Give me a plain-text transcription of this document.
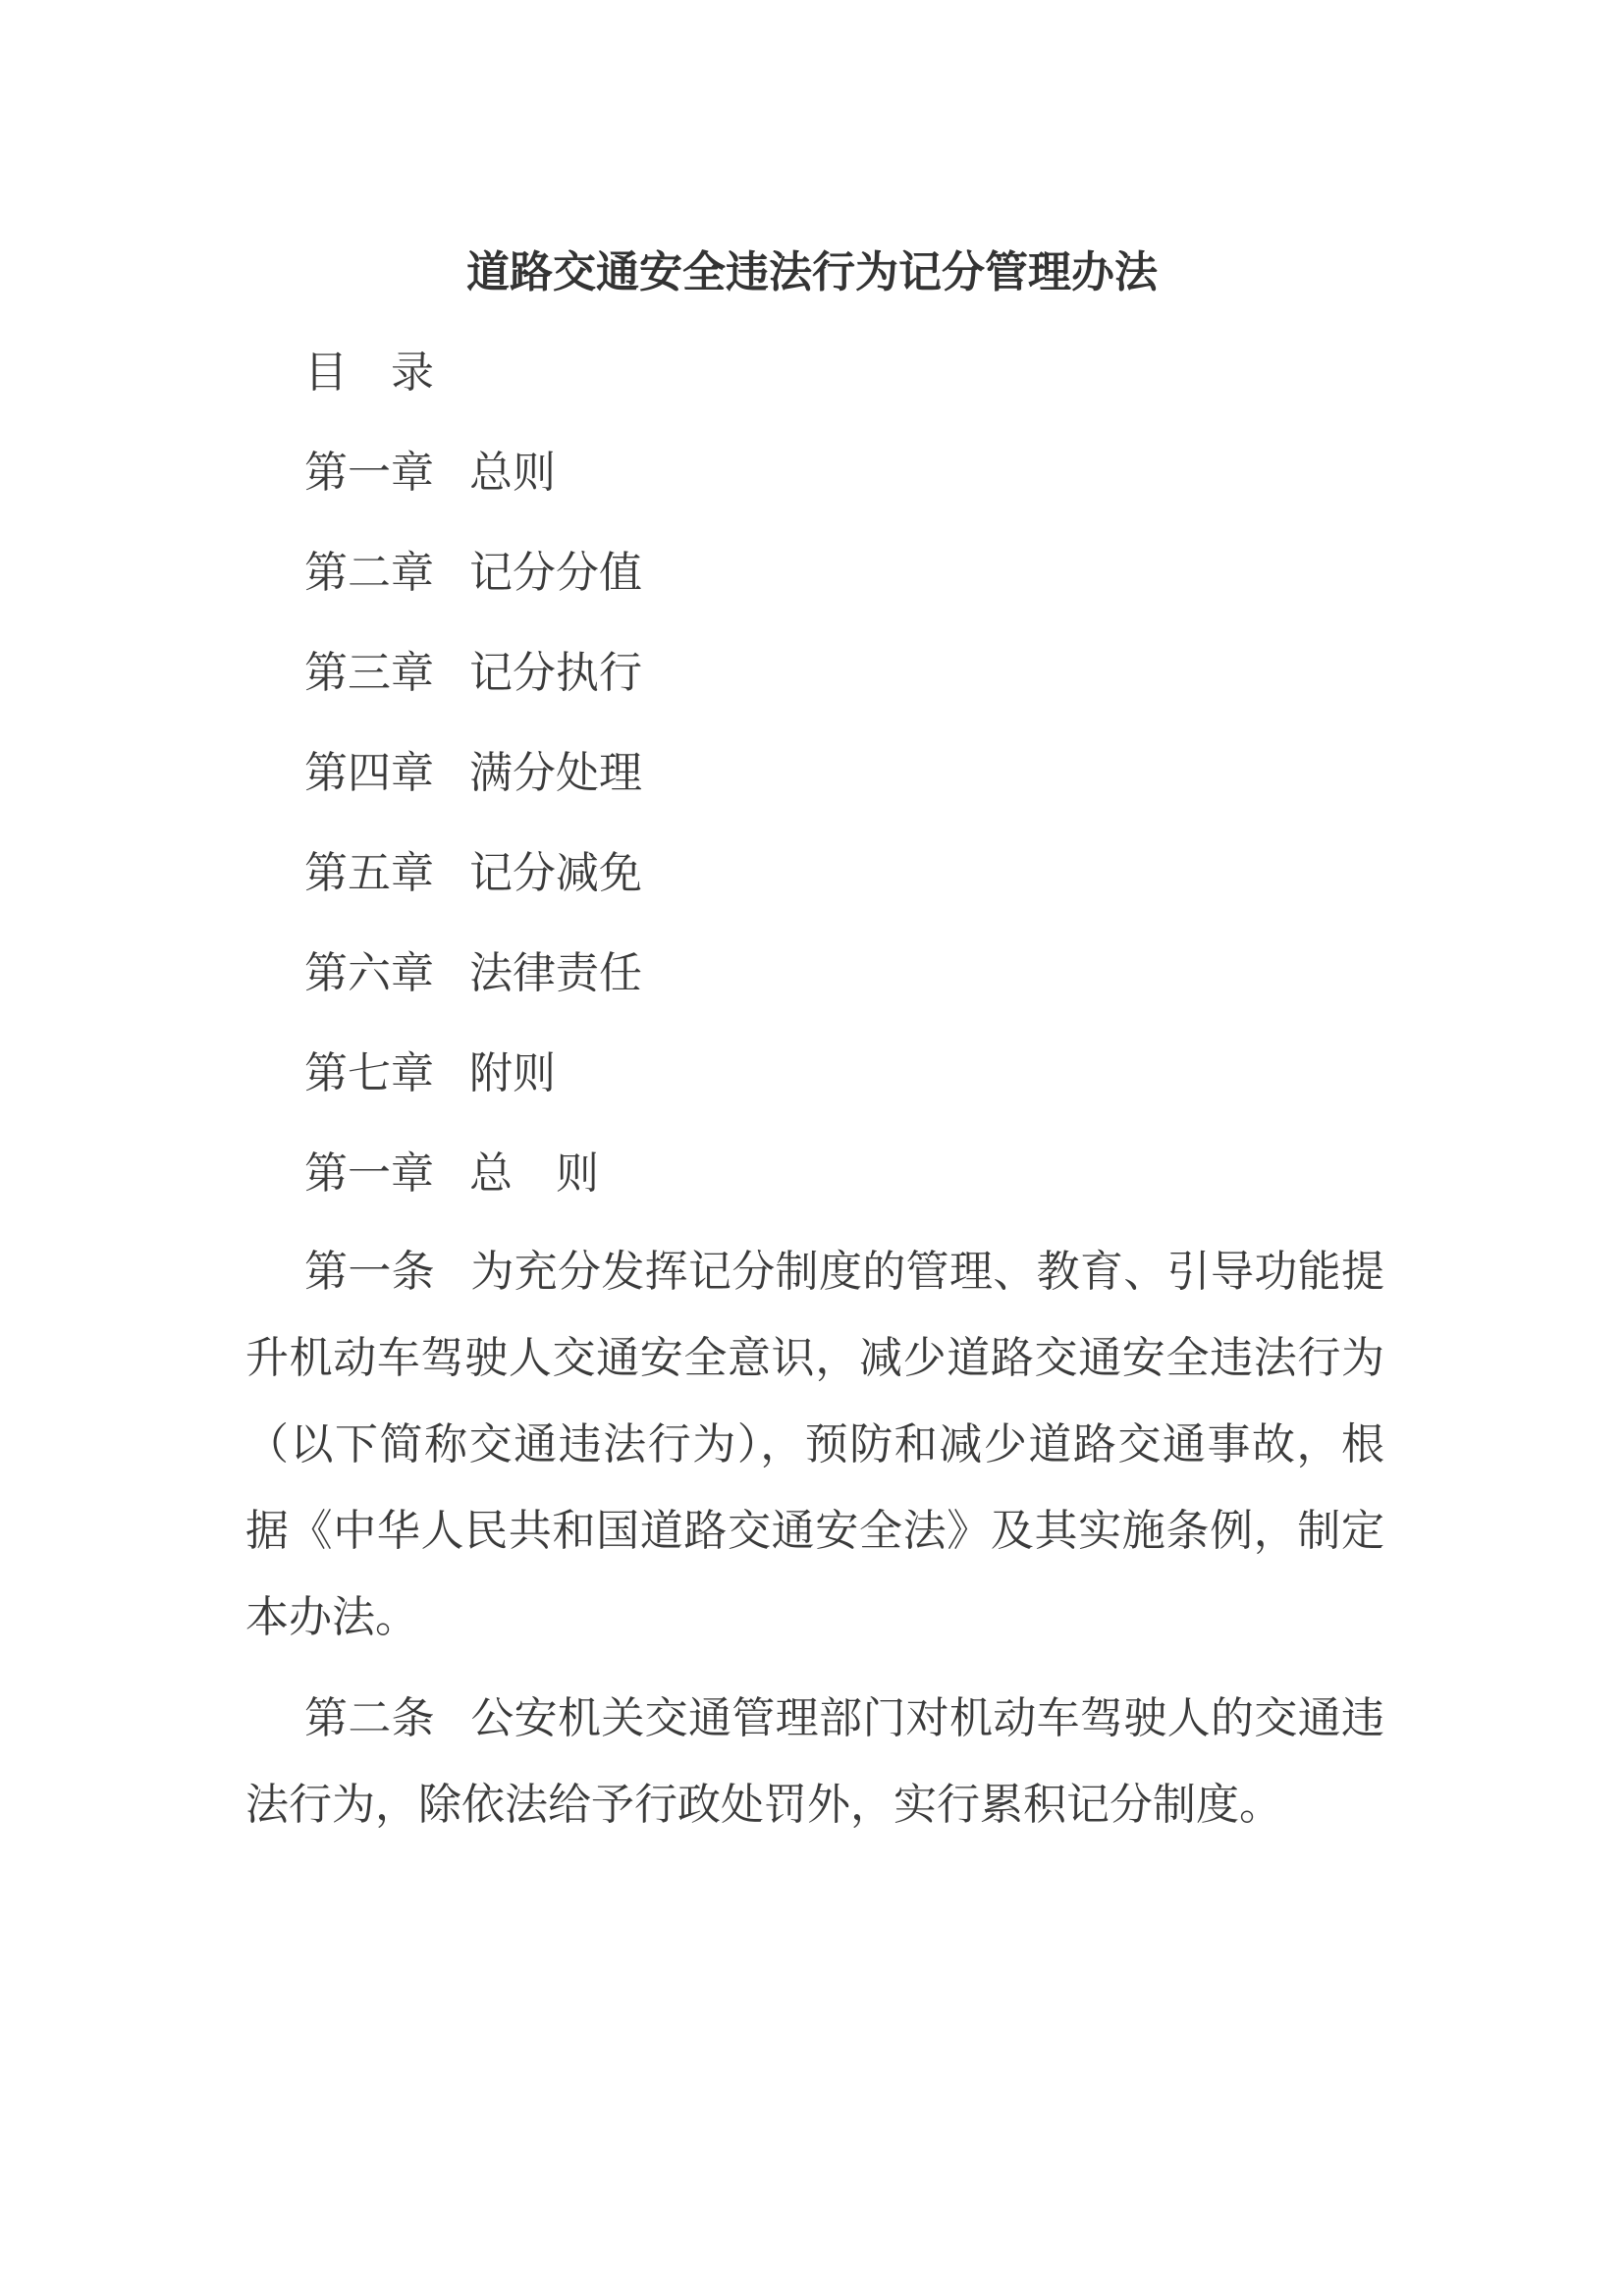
道路交通安全违法行为记分管理办法
目　录
第一章 总则
第二章 记分分值
第三章 记分执行
第四章 满分处理
第五章 记分减免
第六章 法律责任
第七章 附则
第一章 总　则
第一条 为充分发挥记分制度的管理、教育、引导功能提升机动车驾驶人交通安全意识，减少道路交通安全违法行为（以下简称交通违法行为），预防和减少道路交通事故，根据《中华人民共和国道路交通安全法》及其实施条例，制定本办法。
第二条 公安机关交通管理部门对机动车驾驶人的交通违法行为，除依法给予行政处罚外，实行累积记分制度。
